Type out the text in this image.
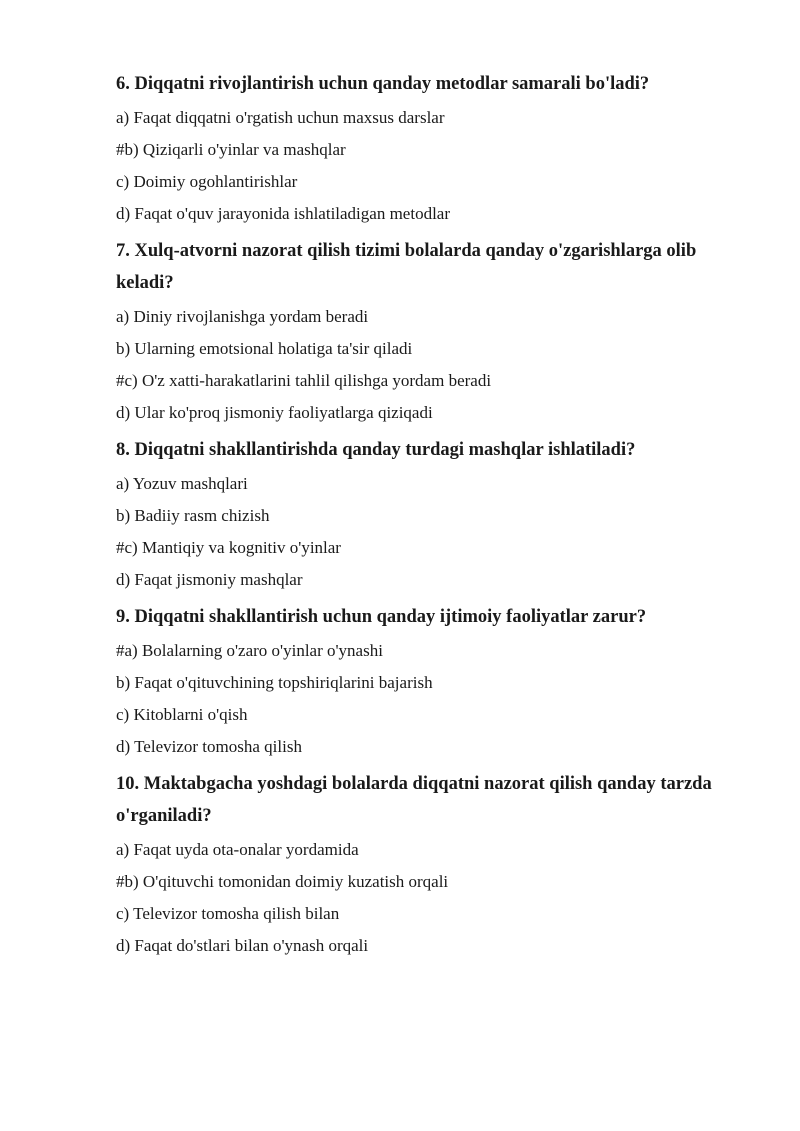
6. Diqqatni rivojlantirish uchun qanday metodlar samarali bo'ladi?
a) Faqat diqqatni o'rgatish uchun maxsus darslar
#b) Qiziqarli o'yinlar va mashqlar
c) Doimiy ogohlantirishlar
d) Faqat o'quv jarayonida ishlatiladigan metodlar
7. Xulq-atvorni nazorat qilish tizimi bolalarda qanday o'zgarishlarga olib keladi?
a) Diniy rivojlanishga yordam beradi
b) Ularning emotsional holatiga ta'sir qiladi
#c) O'z xatti-harakatlarini tahlil qilishga yordam beradi
d) Ular ko'proq jismoniy faoliyatlarga qiziqadi
8. Diqqatni shakllantirishda qanday turdagi mashqlar ishlatiladi?
a) Yozuv mashqlari
b) Badiiy rasm chizish
#c) Mantiqiy va kognitiv o'yinlar
d) Faqat jismoniy mashqlar
9. Diqqatni shakllantirish uchun qanday ijtimoiy faoliyatlar zarur?
#a) Bolalarning o'zaro o'yinlar o'ynashi
b) Faqat o'qituvchining topshiriqlarini bajarish
c) Kitoblarni o'qish
d) Televizor tomosha qilish
10. Maktabgacha yoshdagi bolalarda diqqatni nazorat qilish qanday tarzda o'rganiladi?
a) Faqat uyda ota-onalar yordamida
#b) O'qituvchi tomonidan doimiy kuzatish orqali
c) Televizor tomosha qilish bilan
d) Faqat do'stlari bilan o'ynash orqali
